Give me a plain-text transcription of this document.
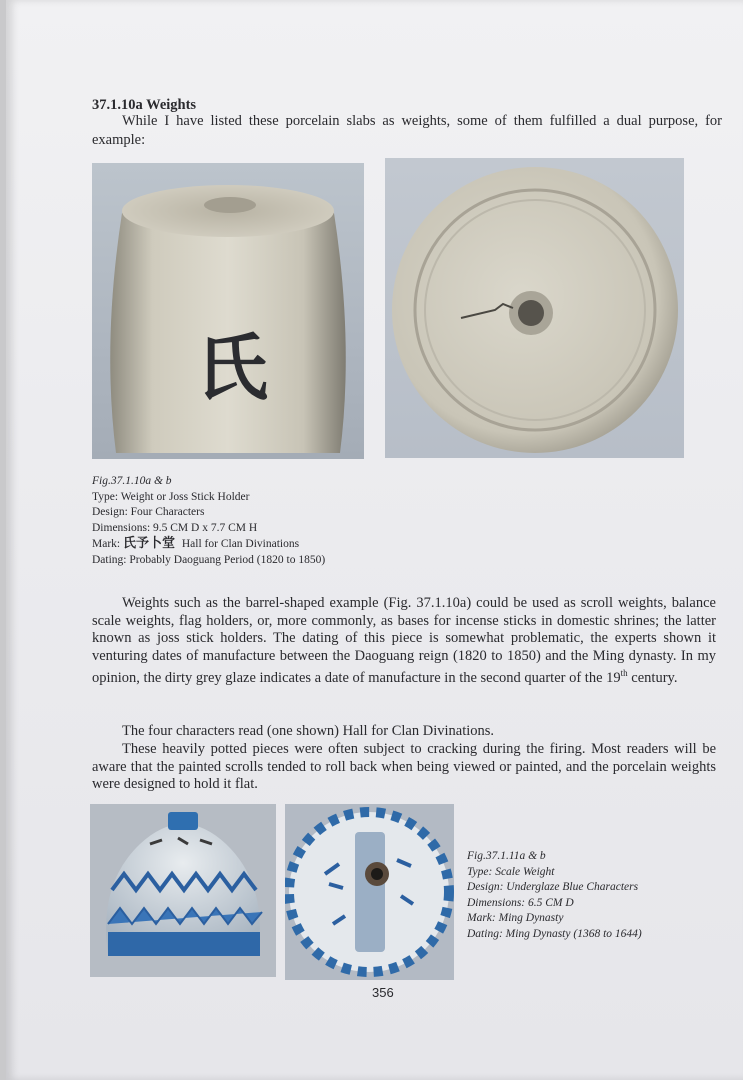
37.1.10a Weights
While I have listed these porcelain slabs as weights, some of them fulfilled a dual purpose, for example:
氏
Fig.37.1.10a & b
Type: Weight or Joss Stick Holder
Design: Four Characters
Dimensions: 9.5 CM D x 7.7 CM H
Mark: 氏予卜堂 Hall for Clan Divinations
Dating: Probably Daoguang Period (1820 to 1850)
Weights such as the barrel-shaped example (Fig. 37.1.10a) could be used as scroll weights, balance scale weights, flag holders, or, more commonly, as bases for incense sticks in domestic shrines; the latter known as joss stick holders. The dating of this piece is somewhat problematic, the experts shown it venturing dates of manufacture between the Daoguang reign (1820 to 1850) and the Ming dynasty. In my opinion, the dirty grey glaze indicates a date of manufacture in the second quarter of the 19th century.
The four characters read (one shown) Hall for Clan Divinations.
These heavily potted pieces were often subject to cracking during the firing. Most readers will be aware that the painted scrolls tended to roll back when being viewed or painted, and the porcelain weights were designed to hold it flat.
Fig.37.1.11a & b
Type: Scale Weight
Design: Underglaze Blue Characters
Dimensions: 6.5 CM D
Mark: Ming Dynasty
Dating: Ming Dynasty (1368 to 1644)
356
